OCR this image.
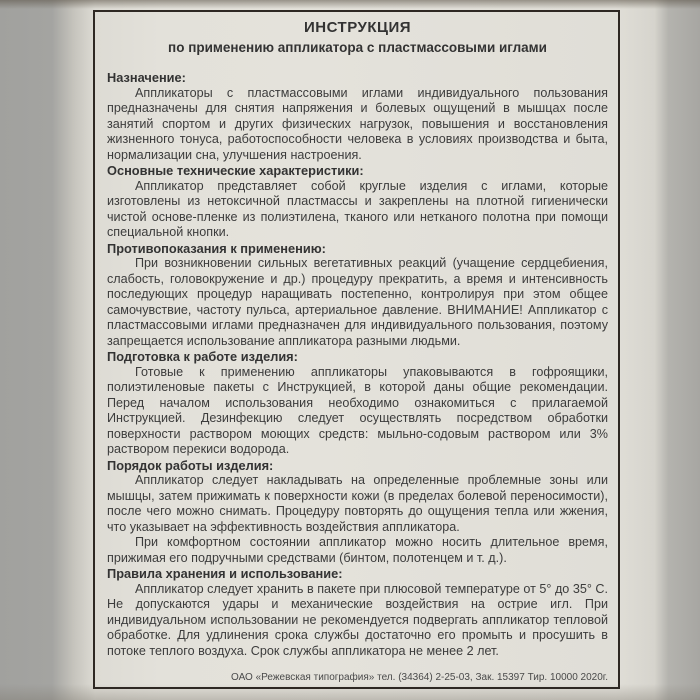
ИНСТРУКЦИЯ
по применению аппликатора с пластмассовыми иглами
Назначение:

Аппликаторы с пластмассовыми иглами индивидуального пользования предназначены для снятия напряжения и болевых ощущений в мышцах после занятий спортом и других физических нагрузок, повышения и восстановления жизненного тонуса, работоспособности человека в условиях производства и быта, нормализации сна, улучшения настроения.

Основные технические характеристики:

Аппликатор представляет собой круглые изделия с иглами, которые изготовлены из нетоксичной пластмассы и закреплены на плотной гигиенически чистой основе-пленке из полиэтилена, тканого или нетканого полотна при помощи специальной кнопки.

Противопоказания к применению:

При возникновении сильных вегетативных реакций (учащение сердцебиения, слабость, головокружение и др.) процедуру прекратить, а время и интенсивность последующих процедур наращивать постепенно, контролируя при этом общее самочувствие, частоту пульса, артериальное давление. ВНИМАНИЕ! Аппликатор с пластмассовыми иглами предназначен для индивидуального пользования, поэтому запрещается использование аппликатора разными людьми.

Подготовка к работе изделия:

Готовые к применению аппликаторы упаковываются в гофроящики, полиэтиленовые пакеты с Инструкцией, в которой даны общие рекомендации. Перед началом использования необходимо ознакомиться с прилагаемой Инструкцией. Дезинфекцию следует осуществлять посредством обработки поверхности раствором моющих средств: мыльно-содовым раствором или 3% раствором перекиси водорода.

Порядок работы изделия:

Аппликатор следует накладывать на определенные проблемные зоны или мышцы, затем прижимать к поверхности кожи (в пределах болевой переносимости), после чего можно снимать. Процедуру повторять до ощущения тепла или жжения, что указывает на эффективность воздействия аппликатора.

При комфортном состоянии аппликатор можно носить длительное время, прижимая его подручными средствами (бинтом, полотенцем и т. д.).

Правила хранения и использование:

Аппликатор следует хранить в пакете при плюсовой температуре от 5° до 35° С. Не допускаются удары и механические воздействия на острие игл. При индивидуальном использовании не рекомендуется подвергать аппликатор тепловой обработке. Для удлинения срока службы достаточно его промыть и просушить в потоке теплого воздуха. Срок службы аппликатора не менее 2 лет.

ОАО «Режевская типография» тел. (34364) 2-25-03, Зак. 15397 Тир. 10000 2020г.
